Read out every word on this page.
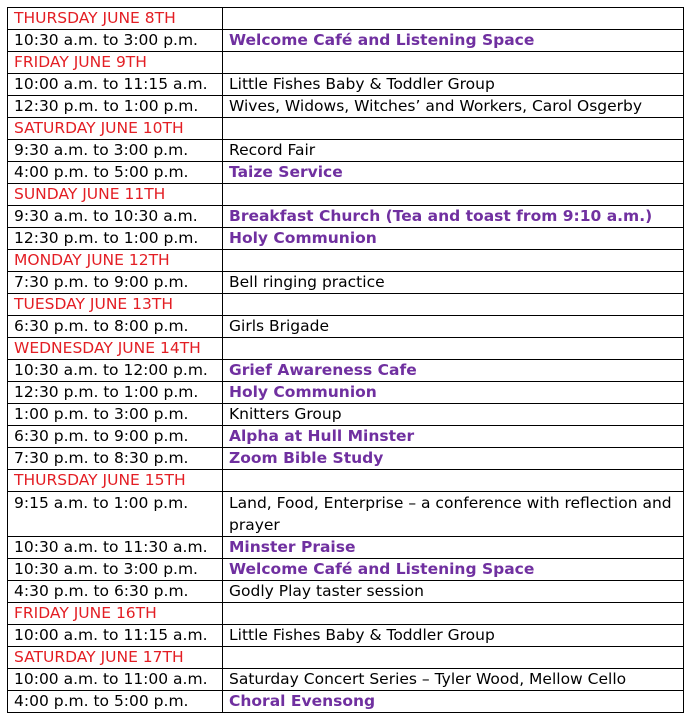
THURSDAY JUNE 8TH	
10:30 a.m. to 3:00 p.m.	Welcome Café and Listening Space
FRIDAY JUNE 9TH	
10:00 a.m. to 11:15 a.m.	Little Fishes Baby & Toddler Group
12:30 p.m. to 1:00 p.m.	Wives, Widows, Witches’ and Workers, Carol Osgerby
SATURDAY JUNE 10TH	
9:30 a.m. to 3:00 p.m.	Record Fair
4:00 p.m. to 5:00 p.m.	Taize Service
SUNDAY JUNE 11TH	
9:30 a.m. to 10:30 a.m.	Breakfast Church (Tea and toast from 9:10 a.m.)
12:30 p.m. to 1:00 p.m.	Holy Communion
MONDAY JUNE 12TH	
7:30 p.m. to 9:00 p.m.	Bell ringing practice
TUESDAY JUNE 13TH	
6:30 p.m. to 8:00 p.m.	Girls Brigade
WEDNESDAY JUNE 14TH	
10:30 a.m. to 12:00 p.m.	Grief Awareness Cafe
12:30 p.m. to 1:00 p.m.	Holy Communion
1:00 p.m. to 3:00 p.m.	Knitters Group
6:30 p.m. to 9:00 p.m.	Alpha at Hull Minster
7:30 p.m. to 8:30 p.m.	Zoom Bible Study
THURSDAY JUNE 15TH	
9:15 a.m. to 1:00 p.m.	Land, Food, Enterprise – a conference with reflection and prayer
10:30 a.m. to 11:30 a.m.	Minster Praise
10:30 a.m. to 3:00 p.m.	Welcome Café and Listening Space
4:30 p.m. to 6:30 p.m.	Godly Play taster session
FRIDAY JUNE 16TH	
10:00 a.m. to 11:15 a.m.	Little Fishes Baby & Toddler Group
SATURDAY JUNE 17TH	
10:00 a.m. to 11:00 a.m.	Saturday Concert Series – Tyler Wood, Mellow Cello
4:00 p.m. to 5:00 p.m.	Choral Evensong
